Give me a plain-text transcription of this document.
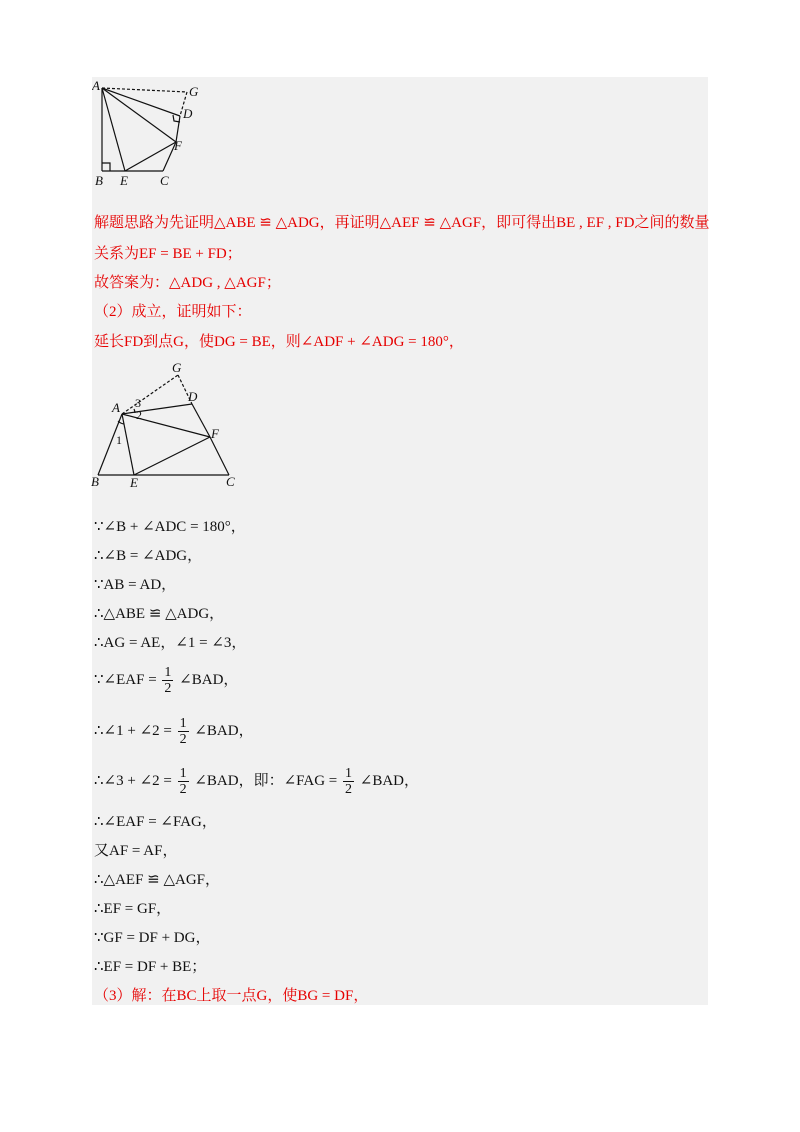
A	G
D
F
B E C
解题思路为先证明△ABE ≌ △ADG，再证明△AEF ≌ △AGF，即可得出BE , EF , FD之间的数量
关系为EF = BE + FD；
故答案为：△ADG , △AGF；
（2）成立，证明如下：
延长FD到点G，使DG = BE，则∠ADF + ∠ADG = 180°，
G
D
A 3
2
1	F
B E	C
∵∠B + ∠ADC = 180°，
∴∠B = ∠ADG，
∵AB = AD，
∴△ABE ≌ △ADG，
∴AG = AE，∠1 = ∠3，
∵∠EAF = $\frac{1}{2}$ ∠BAD，
∴∠1 + ∠2 = $\frac{1}{2}$ ∠BAD，
∴∠3 + ∠2 = $\frac{1}{2}$ ∠BAD，即：∠FAG = $\frac{1}{2}$ ∠BAD，
∴∠EAF = ∠FAG，
又AF = AF，
∴△AEF ≌ △AGF，
∴EF = GF，
∵GF = DF + DG，
∴EF = DF + BE；
（3）解：在BC上取一点G，使BG = DF，
